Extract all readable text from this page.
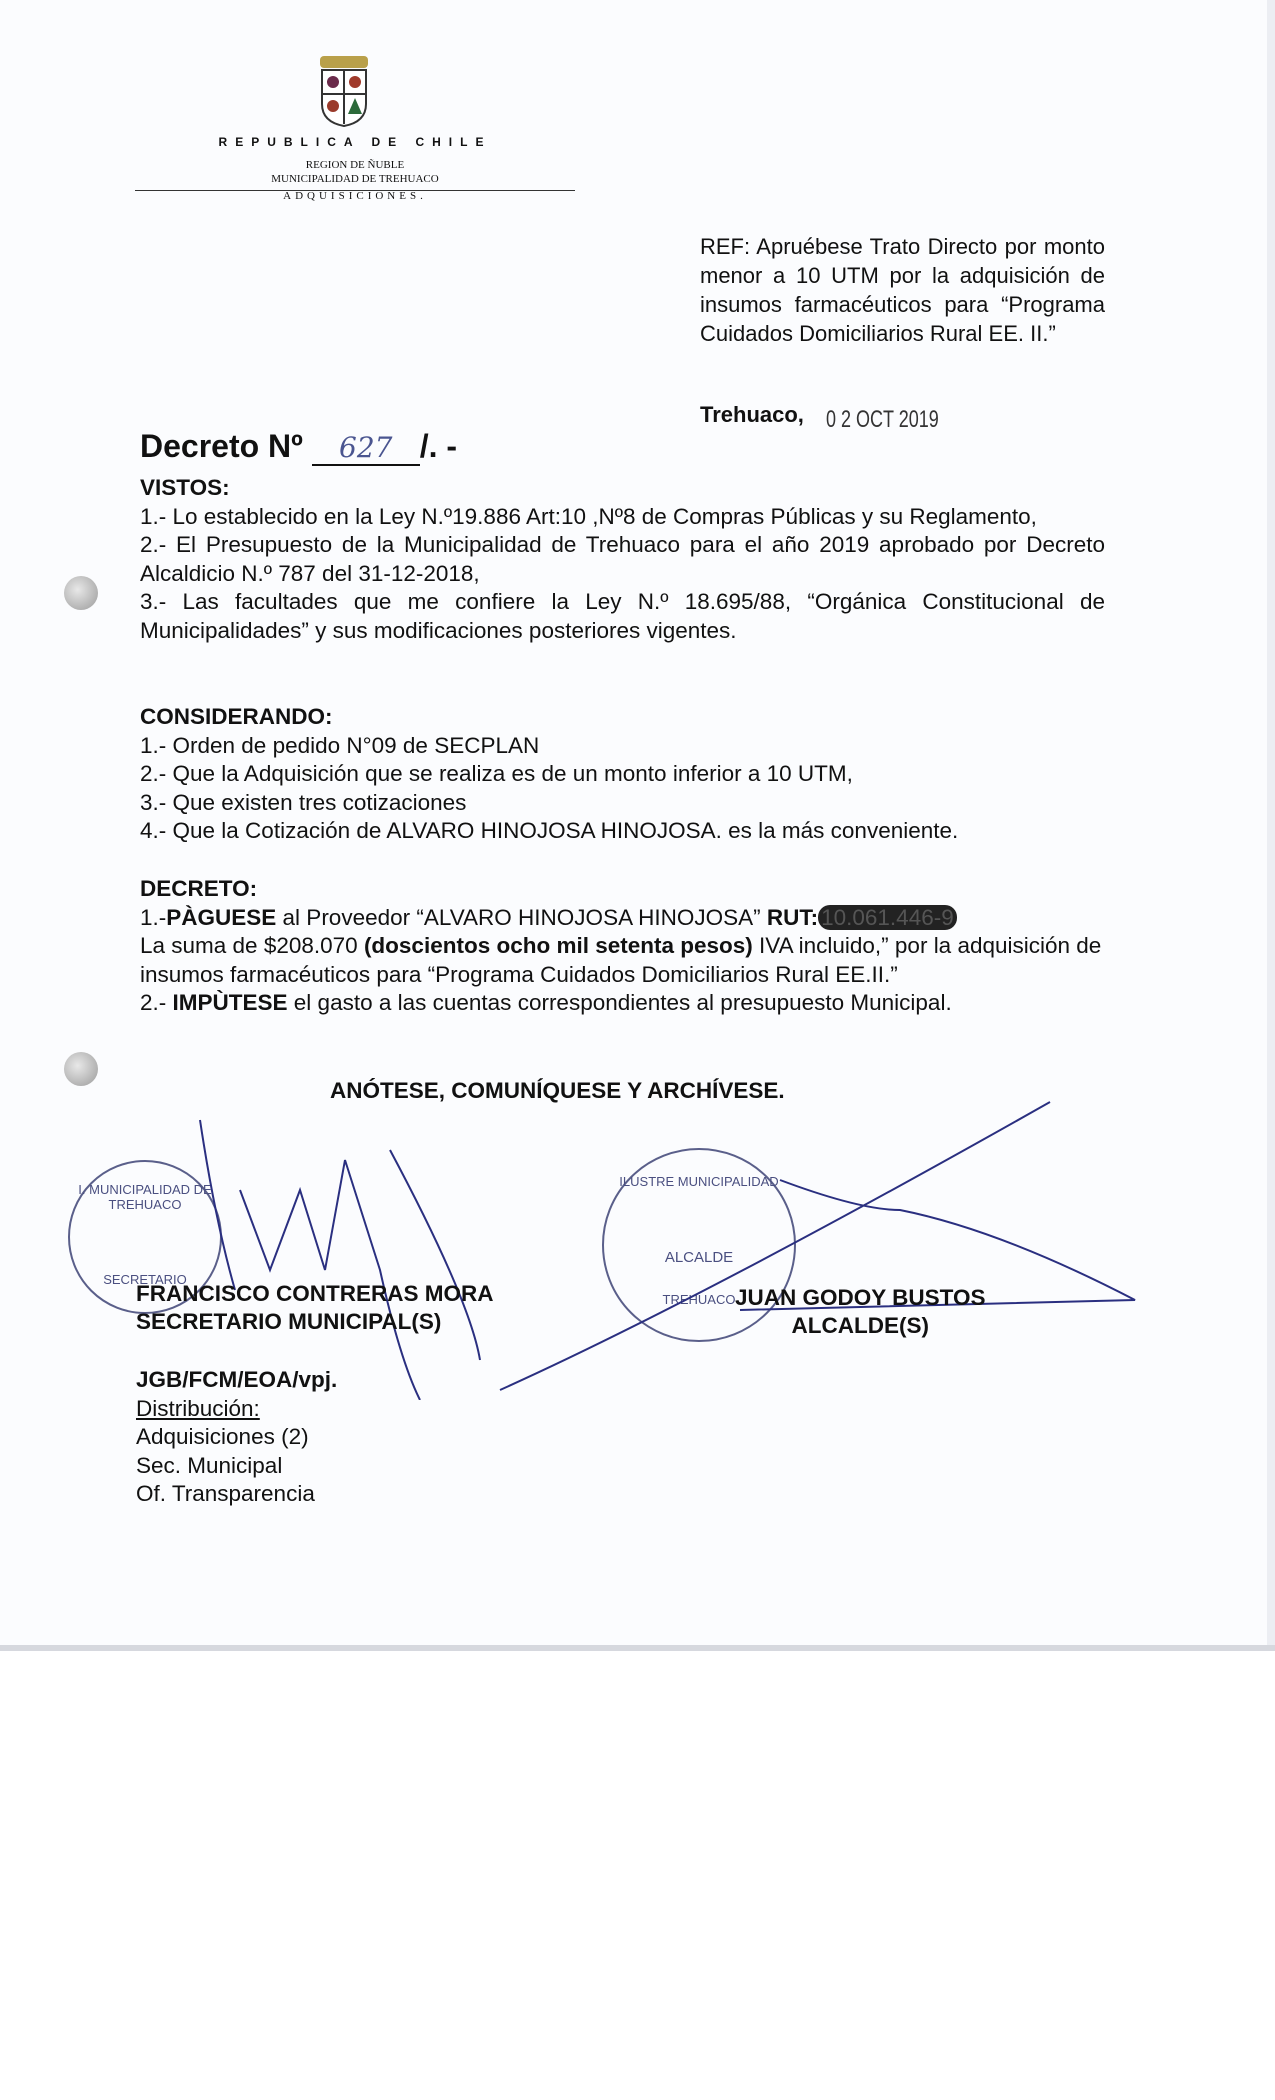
REPUBLICA DE CHILE
REGION DE ÑUBLE
MUNICIPALIDAD DE TREHUACO
ADQUISICIONES.
REF: Apruébese Trato Directo por monto menor a 10 UTM por la adquisición de insumos farmacéuticos para “Programa Cuidados Domiciliarios Rural EE. II.”
Trehuaco, 0 2 OCT 2019
Decreto Nº 627 /. -
VISTOS:
1.- Lo establecido en la Ley N.º19.886 Art:10 ,Nº8 de Compras Públicas y su Reglamento,
2.- El Presupuesto de la Municipalidad de Trehuaco para el año 2019 aprobado por Decreto Alcaldicio N.º 787 del 31-12-2018,
3.- Las facultades que me confiere la Ley N.º 18.695/88, “Orgánica Constitucional de Municipalidades” y sus modificaciones posteriores vigentes.
CONSIDERANDO:
1.- Orden de pedido N°09 de SECPLAN
2.- Que la Adquisición que se realiza es de un monto inferior a 10 UTM,
3.- Que existen tres cotizaciones
4.- Que la Cotización de ALVARO HINOJOSA HINOJOSA. es la más conveniente.
DECRETO:
1.-PÀGUESE al Proveedor “ALVARO HINOJOSA HINOJOSA” RUT: 10.061.446-9
La suma de $208.070 (doscientos ocho mil setenta pesos) IVA incluido,” por la adquisición de insumos farmacéuticos para “Programa Cuidados Domiciliarios Rural EE.II.”
2.- IMPÙTESE el gasto a las cuentas correspondientes al presupuesto Municipal.
ANÓTESE, COMUNÍQUESE Y ARCHÍVESE.
I. MUNICIPALIDAD DE TREHUACO
SECRETARIO
ILUSTRE MUNICIPALIDAD
ALCALDE
TREHUACO
FRANCISCO CONTRERAS MORA
SECRETARIO MUNICIPAL(S)
JUAN GODOY BUSTOS
ALCALDE(S)
JGB/FCM/EOA/vpj.
Distribución:
Adquisiciones (2)
Sec. Municipal
Of. Transparencia
